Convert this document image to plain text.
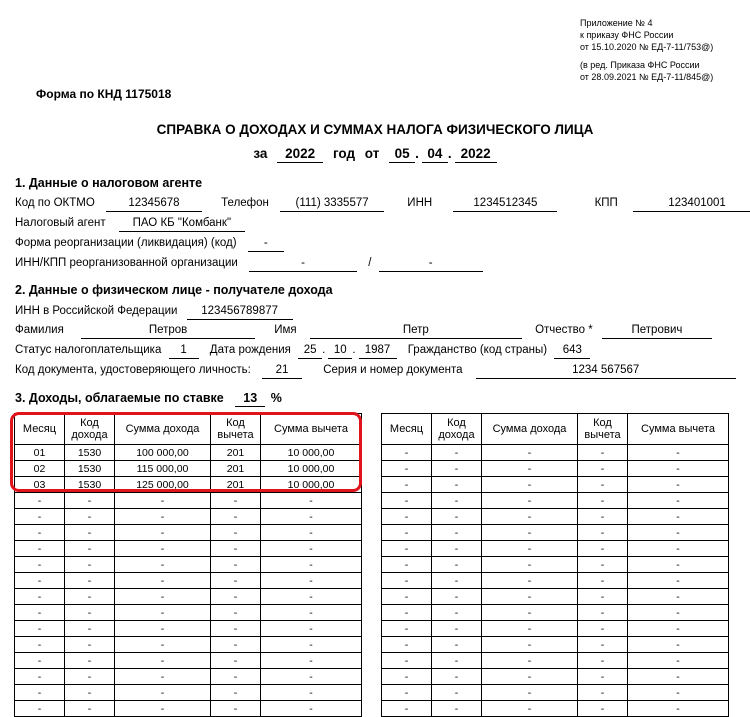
Приложение № 4
к приказу ФНС России
от 15.10.2020 № ЕД-7-11/753@)
(в ред. Приказа ФНС России
от 28.09.2021 № ЕД-7-11/845@)
Форма по КНД 1175018
СПРАВКА О ДОХОДАХ И СУММАХ НАЛОГА ФИЗИЧЕСКОГО ЛИЦА
за 2022 год от 05 . 04 . 2022
1. Данные о налоговом агенте
Код по ОКТМО	12345678	Телефон (111) 3335577	ИНН	1234512345	КПП	123401001
Налоговый агент ПАО КБ "Комбанк"
Форма реорганизации (ликвидация) (код) -
ИНН/КПП реорганизованной организации	-	/	-
2. Данные о физическом лице - получателе дохода
ИНН в Российской Федерации 123456789877
Фамилия	Петров	Имя	Петр	Отчество *	Петрович
Статус налогоплательщика 1 Дата рождения 25 . 10 . 1987 Гражданство (код страны) 643
Код документа, удостоверяющего личность: 21	Серия и номер документа	1234 567567
3. Доходы, облагаемые по ставке 13 %
Месяц	Код дохода	Сумма дохода	Код вычета	Сумма вычета
01	1530	100 000,00	201	10 000,00
02	1530	115 000,00	201	10 000,00
03	1530	125 000,00	201	10 000,00
-	-	-	-	-
-	-	-	-	-
-	-	-	-	-
-	-	-	-	-
-	-	-	-	-
-	-	-	-	-
-	-	-	-	-
-	-	-	-	-
-	-	-	-	-
-	-	-	-	-
-	-	-	-	-
-	-	-	-	-
-	-	-	-	-
-	-	-	-	-
Месяц	Код дохода	Сумма дохода	Код вычета	Сумма вычета
-	-	-	-	-
-	-	-	-	-
-	-	-	-	-
-	-	-	-	-
-	-	-	-	-
-	-	-	-	-
-	-	-	-	-
-	-	-	-	-
-	-	-	-	-
-	-	-	-	-
-	-	-	-	-
-	-	-	-	-
-	-	-	-	-
-	-	-	-	-
-	-	-	-	-
-	-	-	-	-
-	-	-	-	-
